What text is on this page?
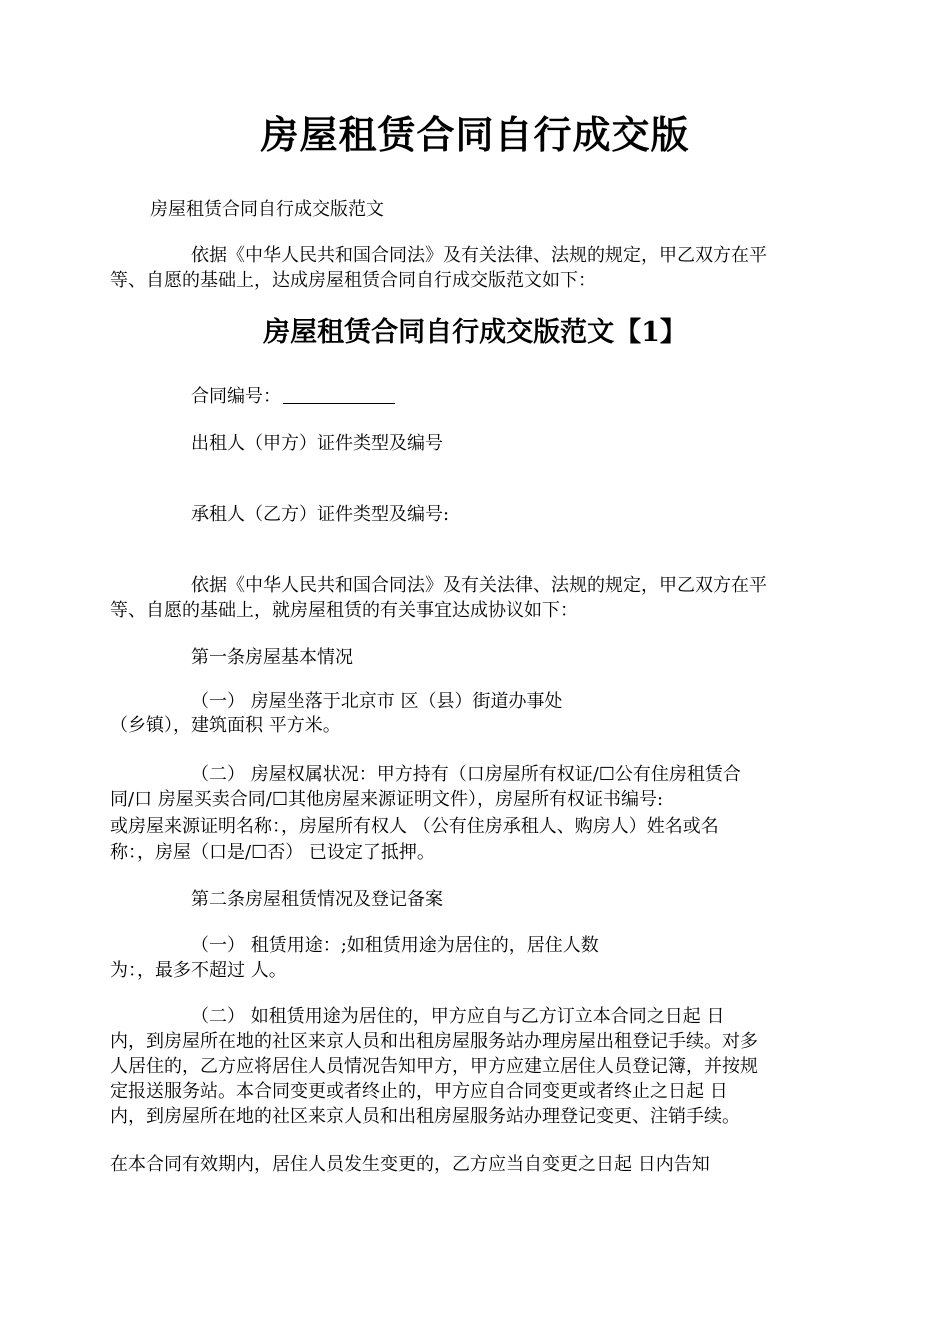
房屋租赁合同自行成交版
房屋租赁合同自行成交版范文
依据《中华人民共和国合同法》及有关法律、法规的规定，甲乙双方在平
等、自愿的基础上，达成房屋租赁合同自行成交版范文如下：
房屋租赁合同自行成交版范文【1】
合同编号：
出租人（甲方）证件类型及编号
承租人（乙方）证件类型及编号:
依据《中华人民共和国合同法》及有关法律、法规的规定，甲乙双方在平
等、自愿的基础上，就房屋租赁的有关事宜达成协议如下：
第一条房屋基本情况
（一） 房屋坐落于北京市 区（县）街道办事处
（乡镇），建筑面积 平方米。
（二） 房屋权属状况：甲方持有（口房屋所有权证/☐公有住房租赁合
同/口 房屋买卖合同/☐其他房屋来源证明文件），房屋所有权证书编号:
或房屋来源证明名称：，房屋所有权人 （公有住房承租人、购房人）姓名或名
称：，房屋（口是/☐否） 已设定了抵押。
第二条房屋租赁情况及登记备案
（一） 租赁用途：;如租赁用途为居住的，居住人数
为：，最多不超过 人。
（二） 如租赁用途为居住的，甲方应自与乙方订立本合同之日起 日
内，到房屋所在地的社区来京人员和出租房屋服务站办理房屋出租登记手续。对多
人居住的，乙方应将居住人员情况告知甲方，甲方应建立居住人员登记簿，并按规
定报送服务站。本合同变更或者终止的，甲方应自合同变更或者终止之日起 日
内，到房屋所在地的社区来京人员和出租房屋服务站办理登记变更、注销手续。
在本合同有效期内，居住人员发生变更的，乙方应当自变更之日起 日内告知
